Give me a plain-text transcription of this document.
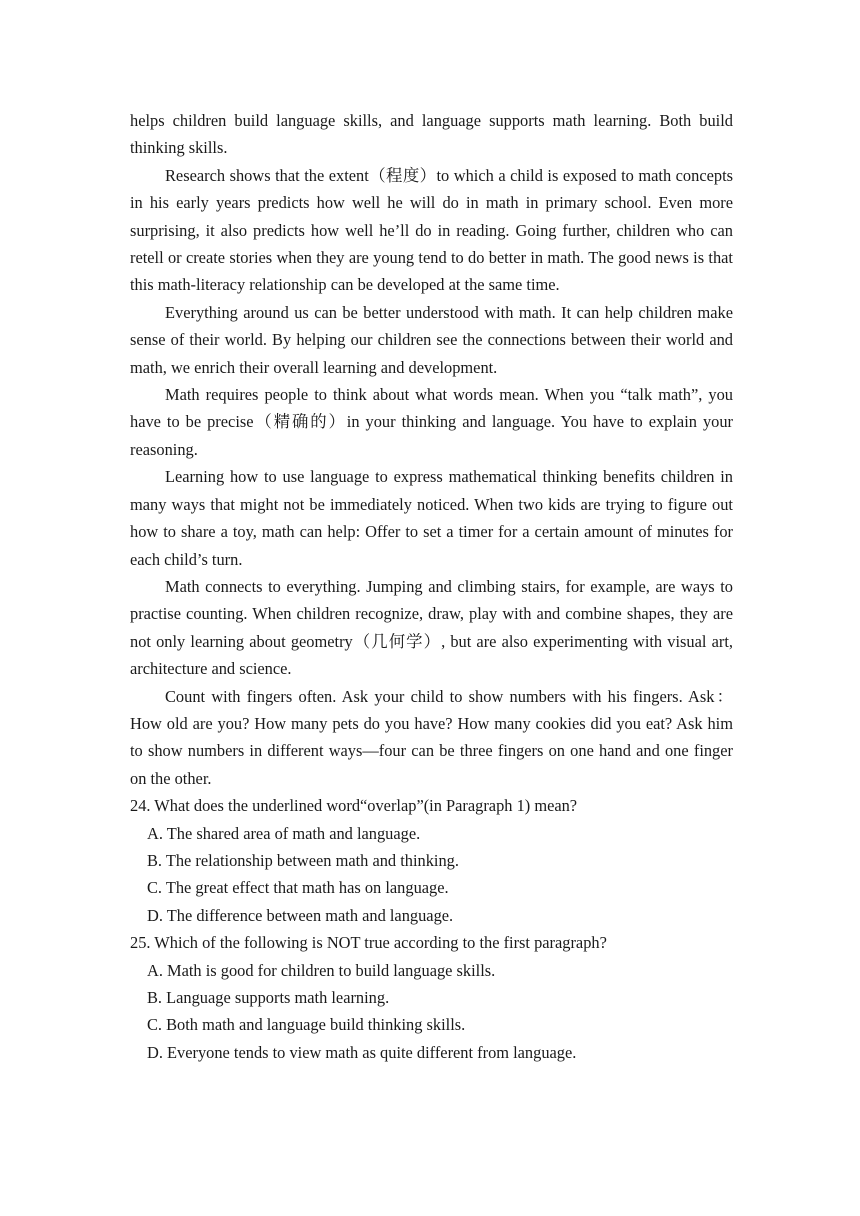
helps children build language skills, and language supports math learning. Both build thinking skills.

Research shows that the extent（程度）to which a child is exposed to math concepts in his early years predicts how well he will do in math in primary school. Even more surprising, it also predicts how well he’ll do in reading. Going further, children who can retell or create stories when they are young tend to do better in math. The good news is that this math-literacy relationship can be developed at the same time.

Everything around us can be better understood with math. It can help children make sense of their world. By helping our children see the connections between their world and math, we enrich their overall learning and development.

Math requires people to think about what words mean. When you “talk math”, you have to be precise（精确的）in your thinking and language. You have to explain your reasoning.

Learning how to use language to express mathematical thinking benefits children in many ways that might not be immediately noticed. When two kids are trying to figure out how to share a toy, math can help: Offer to set a timer for a certain amount of minutes for each child’s turn.

Math connects to everything. Jumping and climbing stairs, for example, are ways to practise counting. When children recognize, draw, play with and combine shapes, they are not only learning about geometry（几何学）, but are also experimenting with visual art, architecture and science.

Count with fingers often. Ask your child to show numbers with his fingers. Ask：How old are you? How many pets do you have? How many cookies did you eat? Ask him to show numbers in different ways—four can be three fingers on one hand and one finger on the other.

24. What does the underlined word“overlap”(in Paragraph 1) mean?

A. The shared area of math and language.
B. The relationship between math and thinking.
C. The great effect that math has on language.
D. The difference between math and language.

25. Which of the following is NOT true according to the first paragraph?

A. Math is good for children to build language skills.
B. Language supports math learning.
C. Both math and language build thinking skills.
D. Everyone tends to view math as quite different from language.
